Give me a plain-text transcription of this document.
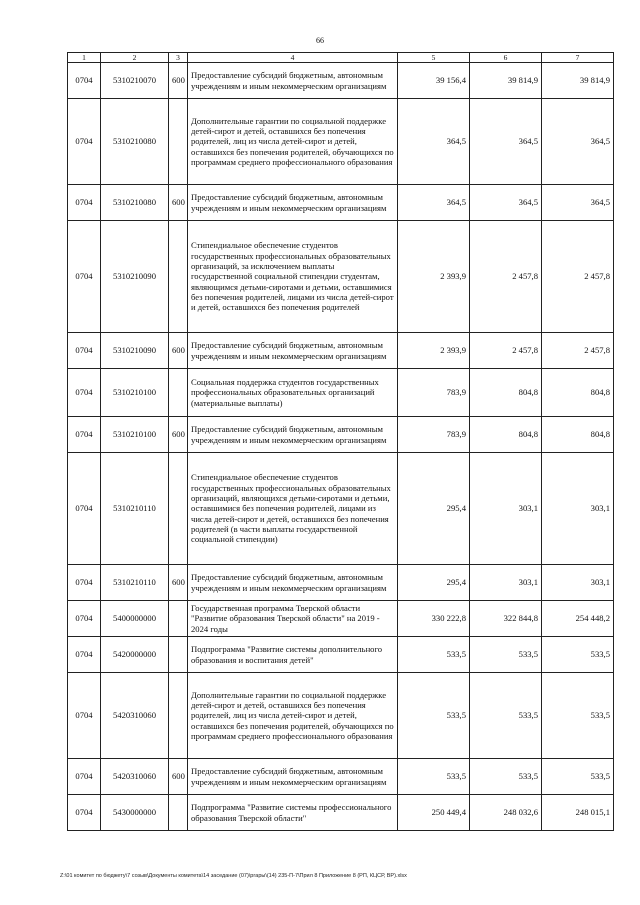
66
1	2	3	4	5	6	7
0704	5310210070	600	Предоставление субсидий бюджетным, автономным учреждениям и иным некоммерческим организациям	39 156,4	39 814,9	39 814,9
0704	5310210080		Дополнительные гарантии по социальной поддержке детей-сирот и детей, оставшихся без попечения родителей, лиц из числа детей-сирот и детей, оставшихся без попечения родителей, обучающихся по программам среднего профессионального образования	364,5	364,5	364,5
0704	5310210080	600	Предоставление субсидий бюджетным, автономным учреждениям и иным некоммерческим организациям	364,5	364,5	364,5
0704	5310210090		Стипендиальное обеспечение студентов государственных профессиональных образовательных организаций, за исключением выплаты государственной социальной стипендии студентам, являющимся детьми-сиротами и детьми, оставшимися без попечения родителей, лицами из числа детей-сирот и детей, оставшихся без попечения родителей	2 393,9	2 457,8	2 457,8
0704	5310210090	600	Предоставление субсидий бюджетным, автономным учреждениям и иным некоммерческим организациям	2 393,9	2 457,8	2 457,8
0704	5310210100		Социальная поддержка студентов государственных профессиональных образовательных организаций (материальные выплаты)	783,9	804,8	804,8
0704	5310210100	600	Предоставление субсидий бюджетным, автономным учреждениям и иным некоммерческим организациям	783,9	804,8	804,8
0704	5310210110		Стипендиальное обеспечение студентов государственных профессиональных образовательных организаций, являющихся детьми-сиротами и детьми, оставшимися без попечения родителей, лицами из числа детей-сирот и детей, оставшихся без попечения родителей (в части выплаты государственной социальной стипендии)	295,4	303,1	303,1
0704	5310210110	600	Предоставление субсидий бюджетным, автономным учреждениям и иным некоммерческим организациям	295,4	303,1	303,1
0704	5400000000		Государственная программа Тверской области "Развитие образования Тверской области" на 2019 - 2024 годы	330 222,8	322 844,8	254 448,2
0704	5420000000		Подпрограмма "Развитие системы дополнительного образования и воспитания детей"	533,5	533,5	533,5
0704	5420310060		Дополнительные гарантии по социальной поддержке детей-сирот и детей, оставшихся без попечения родителей, лиц из числа детей-сирот и детей, оставшихся без попечения родителей, обучающихся по программам среднего профессионального образования	533,5	533,5	533,5
0704	5420310060	600	Предоставление субсидий бюджетным, автономным учреждениям и иным некоммерческим организациям	533,5	533,5	533,5
0704	5430000000		Подпрограмма "Развитие системы профессионального образования Тверской области"	250 449,4	248 032,6	248 015,1
Z:\01 комитет по бюджету\7 созыв\Документы комитета\14 заседание (07)\ргары\(14) 235-П-7\Прил 8 Приложение 8 (РП, КЦСР, ВР).xlsx
